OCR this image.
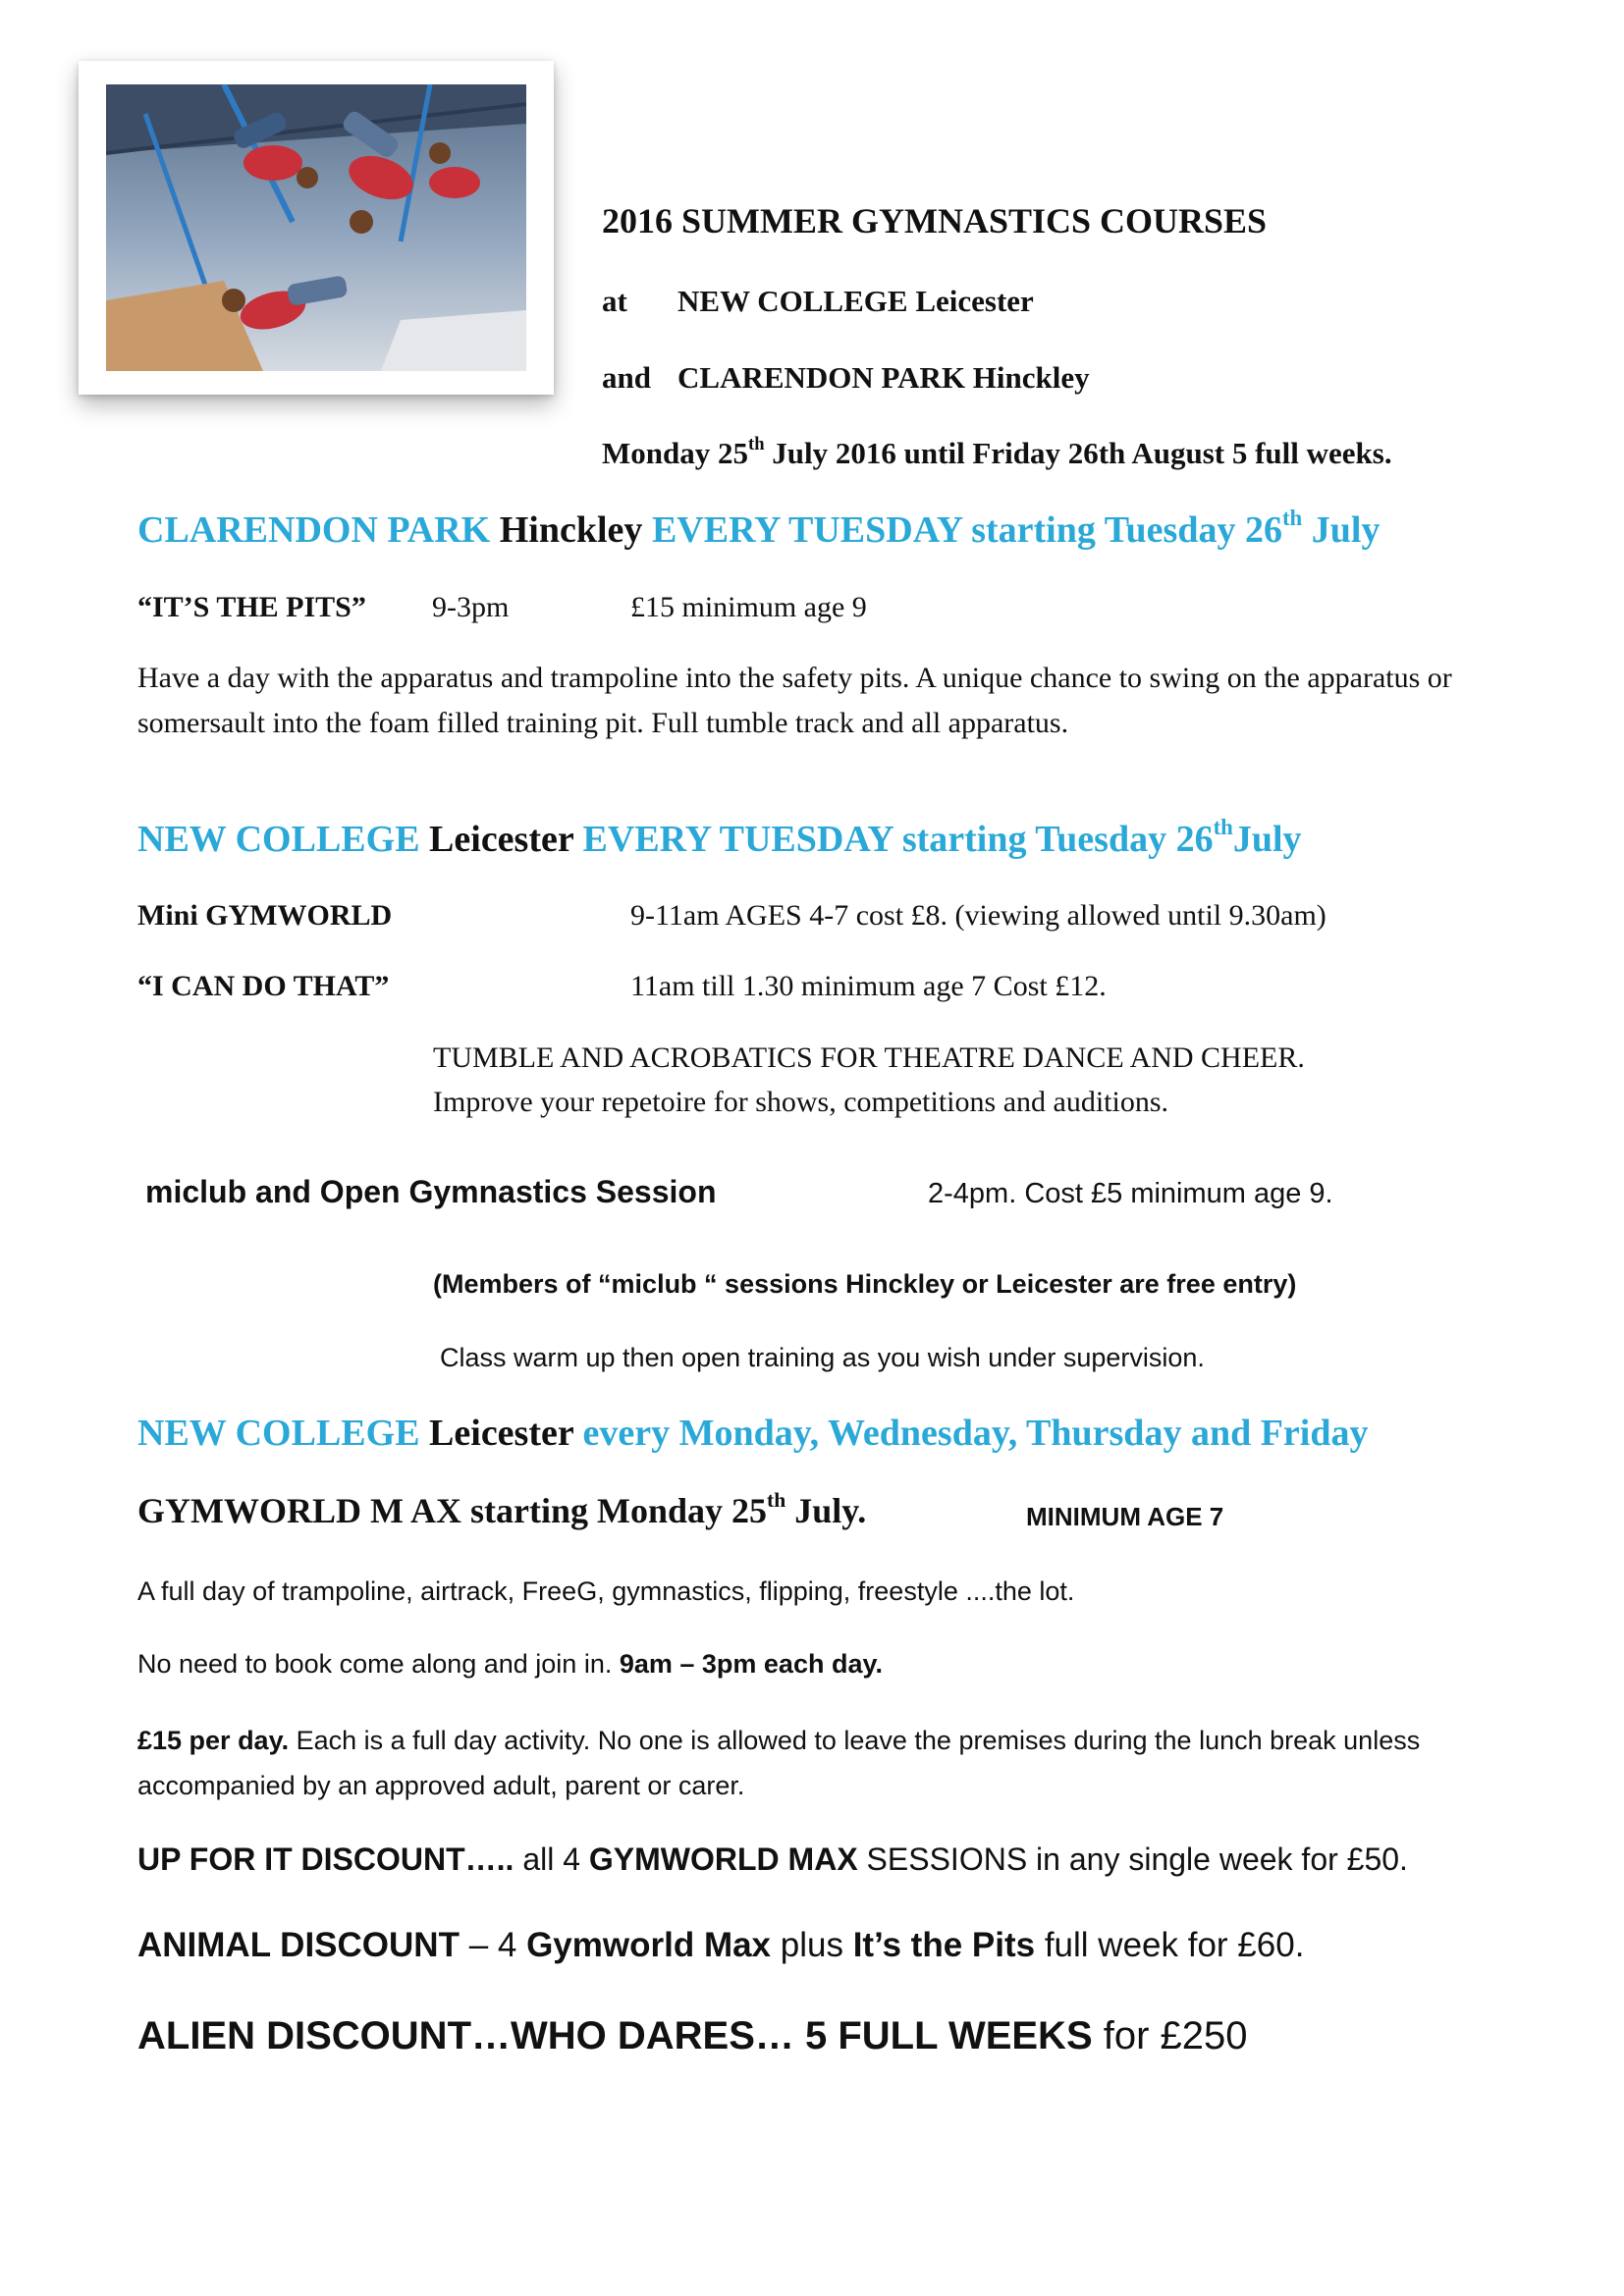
2016 SUMMER GYMNASTICS COURSES
at NEW COLLEGE Leicester
and CLARENDON PARK Hinckley
Monday 25th July 2016 until Friday 26th August 5 full weeks.
CLARENDON PARK Hinckley EVERY TUESDAY starting Tuesday 26th July
“IT’S THE PITS” 9-3pm	£15 minimum age 9
Have a day with the apparatus and trampoline into the safety pits. A unique chance to swing on the apparatus or somersault into the foam filled training pit. Full tumble track and all apparatus.
NEW COLLEGE Leicester EVERY TUESDAY starting Tuesday 26thJuly
Mini GYMWORLD	9-11am AGES 4-7 cost £8. (viewing allowed until 9.30am)
“I CAN DO THAT”	11am till 1.30 minimum age 7 Cost £12.
TUMBLE AND ACROBATICS FOR THEATRE DANCE AND CHEER.
Improve your repetoire for shows, competitions and auditions.
miclub and Open Gymnastics Session	2-4pm. Cost £5 minimum age 9.
(Members of “miclub “ sessions Hinckley or Leicester are free entry)
Class warm up then open training as you wish under supervision.
NEW COLLEGE Leicester every Monday, Wednesday, Thursday and Friday
GYMWORLD M AX starting Monday 25th July.	MINIMUM AGE 7
A full day of trampoline, airtrack, FreeG, gymnastics, flipping, freestyle ....the lot.
No need to book come along and join in. 9am – 3pm each day.
£15 per day. Each is a full day activity. No one is allowed to leave the premises during the lunch break unless accompanied by an approved adult, parent or carer.
UP FOR IT DISCOUNT….. all 4 GYMWORLD MAX SESSIONS in any single week for £50.
ANIMAL DISCOUNT – 4 Gymworld Max plus It’s the Pits full week for £60.
ALIEN DISCOUNT…WHO DARES… 5 FULL WEEKS for £250
